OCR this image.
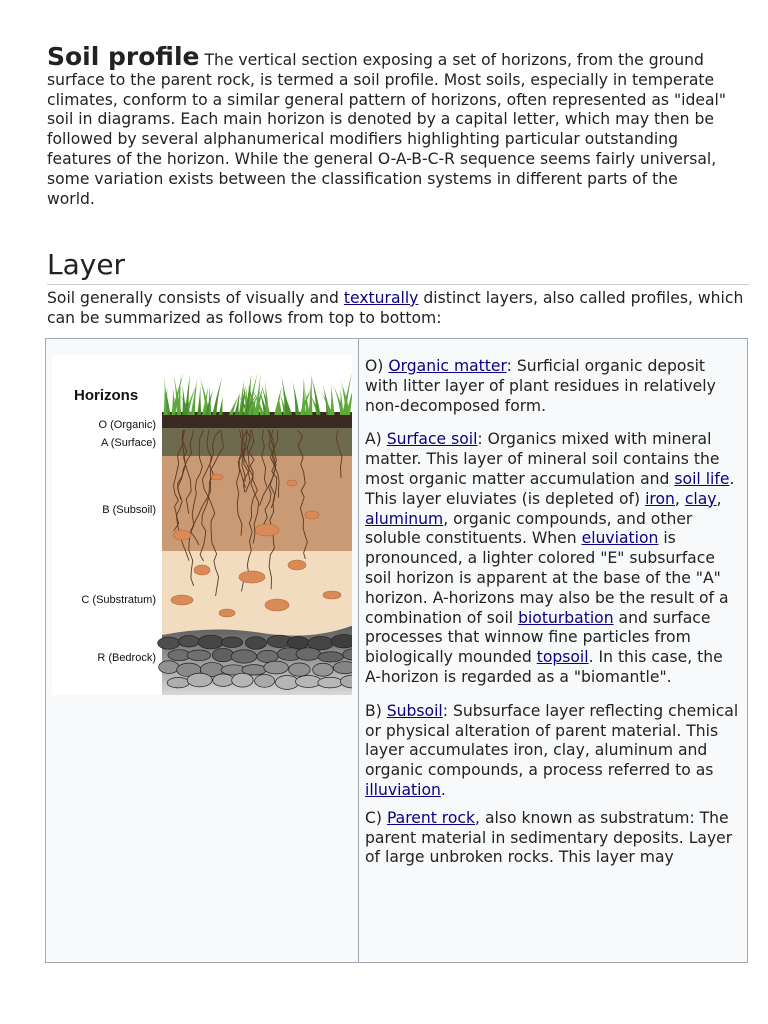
Soil profile The vertical section exposing a set of horizons, from the ground surface to the parent rock, is termed a soil profile. Most soils, especially in temperate climates, conform to a similar general pattern of horizons, often represented as "ideal" soil in diagrams. Each main horizon is denoted by a capital letter, which may then be followed by several alphanumerical modifiers highlighting particular outstanding features of the horizon. While the general O-A-B-C-R sequence seems fairly universal, some variation exists between the classification systems in different parts of the world.

Layer

Soil generally consists of visually and texturally distinct layers, also called profiles, which can be summarized as follows from top to bottom:

Horizons
O (Organic)
A (Surface)
B (Subsoil)
C (Substratum)
R (Bedrock)

O) Organic matter: Surficial organic deposit with litter layer of plant residues in relatively non-decomposed form.

A) Surface soil: Organics mixed with mineral matter. This layer of mineral soil contains the most organic matter accumulation and soil life. This layer eluviates (is depleted of) iron, clay, aluminum, organic compounds, and other soluble constituents. When eluviation is pronounced, a lighter colored "E" subsurface soil horizon is apparent at the base of the "A" horizon. A-horizons may also be the result of a combination of soil bioturbation and surface processes that winnow fine particles from biologically mounded topsoil. In this case, the A-horizon is regarded as a "biomantle".

B) Subsoil: Subsurface layer reflecting chemical or physical alteration of parent material. This layer accumulates iron, clay, aluminum and organic compounds, a process referred to as illuviation.

C) Parent rock, also known as substratum: The parent material in sedimentary deposits. Layer of large unbroken rocks. This layer may
